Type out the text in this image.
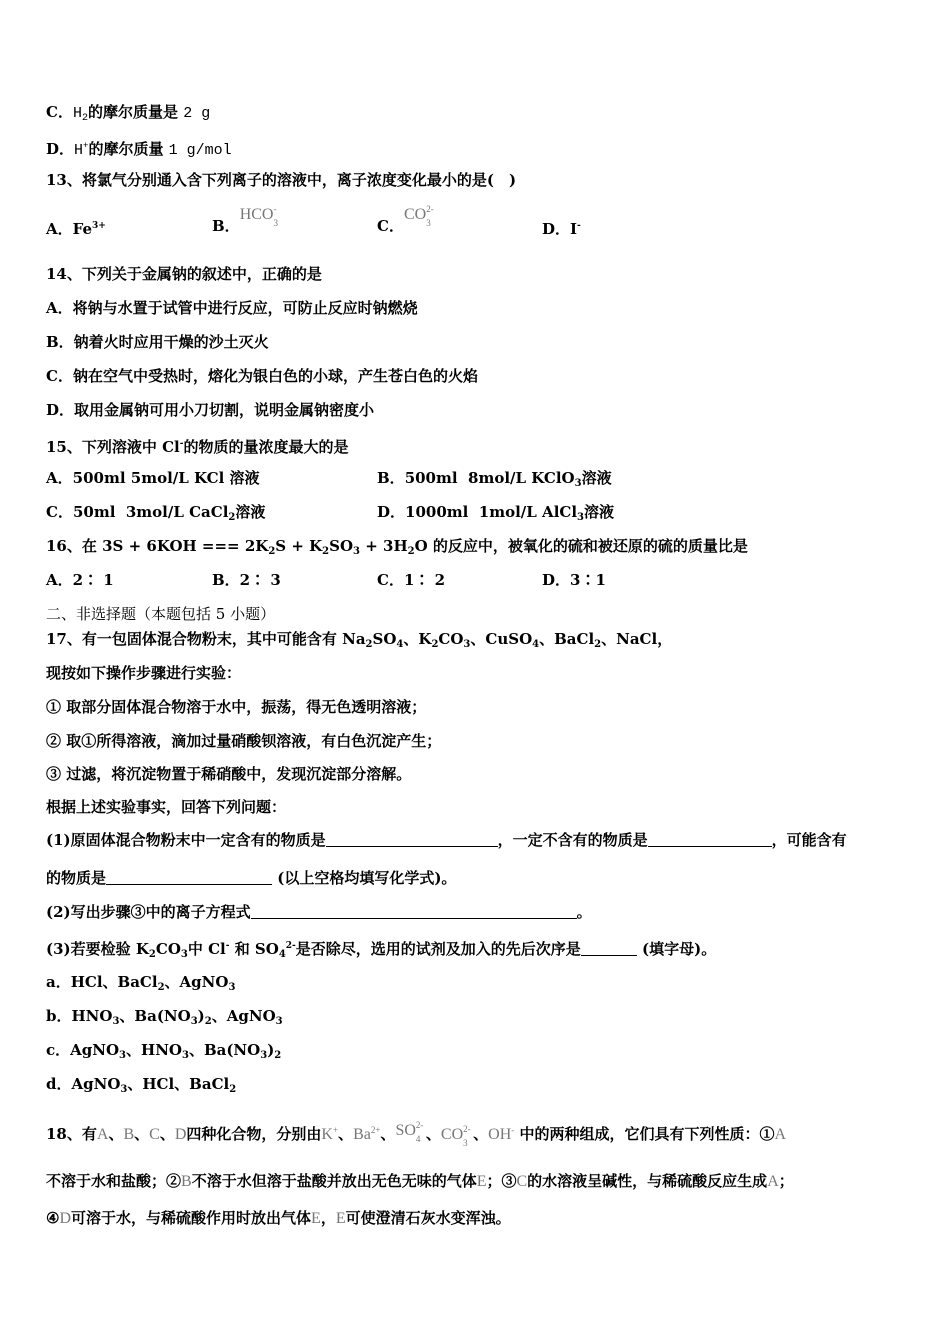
C．$H_2$的摩尔质量是 2 g
D．H+的摩尔质量 1 g/mol
13、将氯气分别通入含下列离子的溶液中，离子浓度变化最小的是(　)
A．$Fe^{3+}$	B．HCO -
3	C．CO 2-
3	D．I-
14、下列关于金属钠的叙述中，正确的是
A．将钠与水置于试管中进行反应，可防止反应时钠燃烧
B．钠着火时应用干燥的沙土灭火
C．钠在空气中受热时，熔化为银白色的小球，产生苍白色的火焰
D．取用金属钠可用小刀切割，说明金属钠密度小
15、下列溶液中 Cl-的物质的量浓度最大的是
A．500ml 5mol/L KCl 溶液	B．500ml 8mol/L KClO$_3$溶液
C．50ml 3mol/L CaCl$_2$溶液	D．1000ml 1mol/L AlCl$_3$溶液
16、在 3S + 6KOH === $2K_2S + K_2SO_3 + 3H_2O$ 的反应中，被氧化的硫和被还原的硫的质量比是
A．2∶ 1	B．2∶ 3	C．1∶ 2	D．3∶1
二、非选择题（本题包括 5 小题）
17、有一包固体混合物粉末，其中可能含有 $Na_2SO_4$、$K_2CO_3$、CuSO$_4$、BaCl$_2$、NaCl，
现按如下操作步骤进行实验：
① 取部分固体混合物溶于水中，振荡，得无色透明溶液；
② 取①所得溶液，滴加过量硝酸钡溶液，有白色沉淀产生；
③ 过滤，将沉淀物置于稀硝酸中，发现沉淀部分溶解。
根据上述实验事实，回答下列问题：
(1)原固体混合物粉末中一定含有的物质是	，一定不含有的物质是	，可能含有
的物质是	(以上空格均填写化学式)。
(2)写出步骤③中的离子方程式	。
(3)若要检验 $K_2CO_3$中 Cl- 和 $SO_4^{2-}$是否除尽，选用的试剂及加入的先后次序是	(填字母)。
a．HCl、BaCl$_2$、AgNO$_3$
b．$HNO_3$、$Ba(NO_3)_2$、AgNO$_3$
c．AgNO$_3$、$HNO_3$、$Ba(NO_3)_2$
d．AgNO$_3$、HCl、BaCl$_2$
18、有A、B、C、D四种化合物，分别由K+、$Ba^{2+}$、SO 2-
4 、CO 2-
3 、OH- 中的两种组成，它们具有下列性质：①A
不溶于水和盐酸；②B不溶于水但溶于盐酸并放出无色无味的气体E；③C的水溶液呈碱性，与稀硫酸反应生成A；
④D可溶于水，与稀硫酸作用时放出气体E，E可使澄清石灰水变浑浊。
